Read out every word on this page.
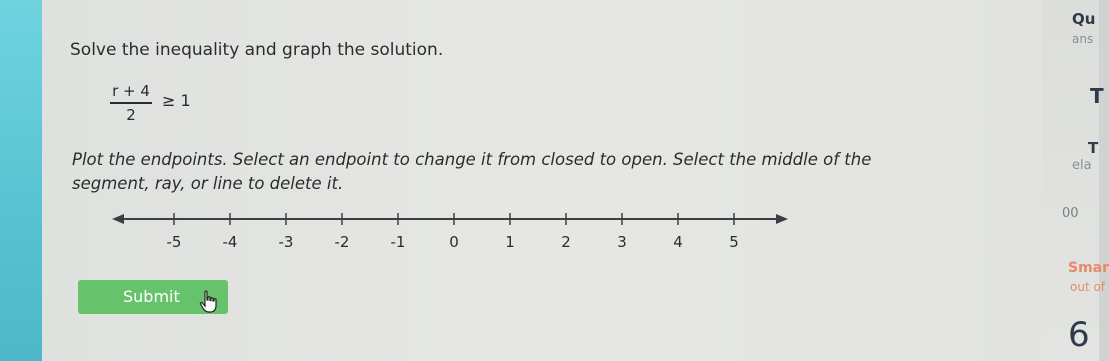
Solve the inequality and graph the solution.
r + 4
2
≥ 1
Plot the endpoints. Select an endpoint to change it from closed to open. Select the middle of the segment, ray, or line to delete it.
-5	-4	-3	-2	-1	0	1	2	3	4	5
Submit
Qu
ans
T
T
ela
00
Smar
out of
6
